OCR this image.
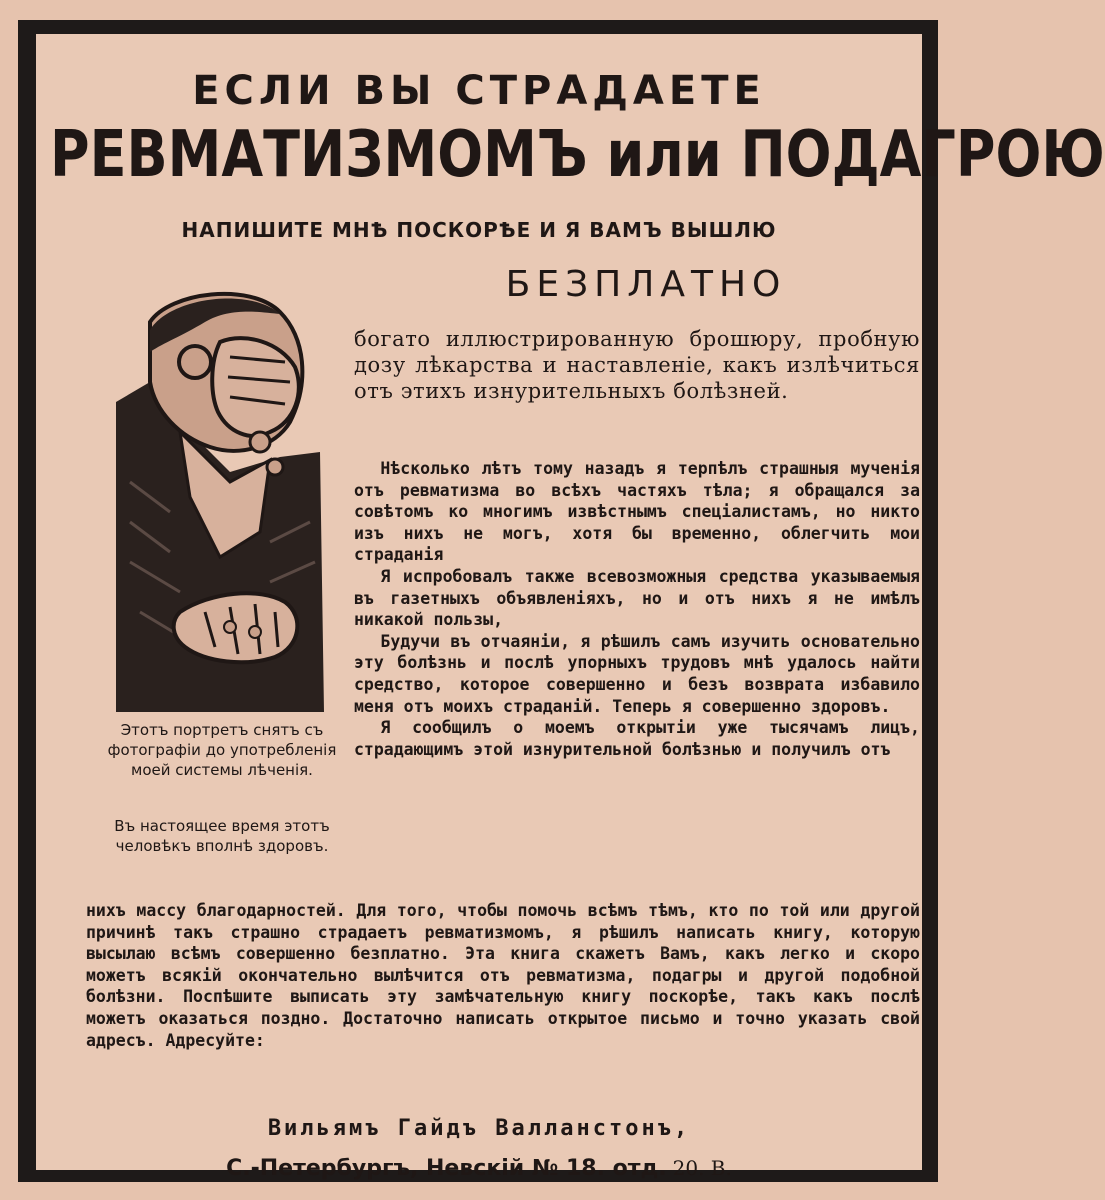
ЕСЛИ ВЫ СТРАДАЕТЕ
РЕВМАТИЗМОМЪ или ПОДАГРОЮ
НАПИШИТЕ МНѢ ПОСКОРѢЕ И Я ВАМЪ ВЫШЛЮ
БЕЗПЛАТНО
Этотъ портретъ снятъ съ фотографіи до употребленія моей системы лѣченія.
Въ настоящее время этотъ человѣкъ вполнѣ здоровъ.
богато иллюстрированную брошюру, пробную дозу лѣкарства и наставленіе, какъ излѣчиться отъ этихъ изнурительныхъ болѣзней.

Нѣсколько лѣтъ тому назадъ я терпѣлъ страшныя мученія отъ ревматизма во всѣхъ частяхъ тѣла; я обращался за совѣтомъ ко многимъ извѣстнымъ спеціалистамъ, но никто изъ нихъ не могъ, хотя бы временно, облегчить мои страданія

Я испробовалъ также всевозможныя средства указываемыя въ газетныхъ объявленіяхъ, но и отъ нихъ я не имѣлъ никакой пользы,

Будучи въ отчаяніи, я рѣшилъ самъ изучить основательно эту болѣзнь и послѣ упорныхъ трудовъ мнѣ удалось найти средство, которое совершенно и безъ возврата избавило меня отъ моихъ страданій. Теперь я совершенно здоровъ.

Я сообщилъ о моемъ открытіи уже тысячамъ лицъ, страдающимъ этой изнурительной болѣзнью и получилъ отъ

нихъ массу благодарностей. Для того, чтобы помочь всѣмъ тѣмъ, кто по той или другой причинѣ такъ страшно страдаетъ ревматизмомъ, я рѣшилъ написать книгу, которую высылаю всѣмъ совершенно безплатно. Эта книга скажетъ Вамъ, какъ легко и скоро можетъ всякій окончательно вылѣчится отъ ревматизма, подагры и другой подобной болѣзни. Поспѣшите выписать эту замѣчательную книгу поскорѣе, такъ какъ послѣ можетъ оказаться поздно. Достаточно написать открытое письмо и точно указать свой адресъ. Адресуйте:

Вильямъ Гайдъ Валланстонъ,
С.-Петербургъ, Невскій № 18. отд. 20. В.
